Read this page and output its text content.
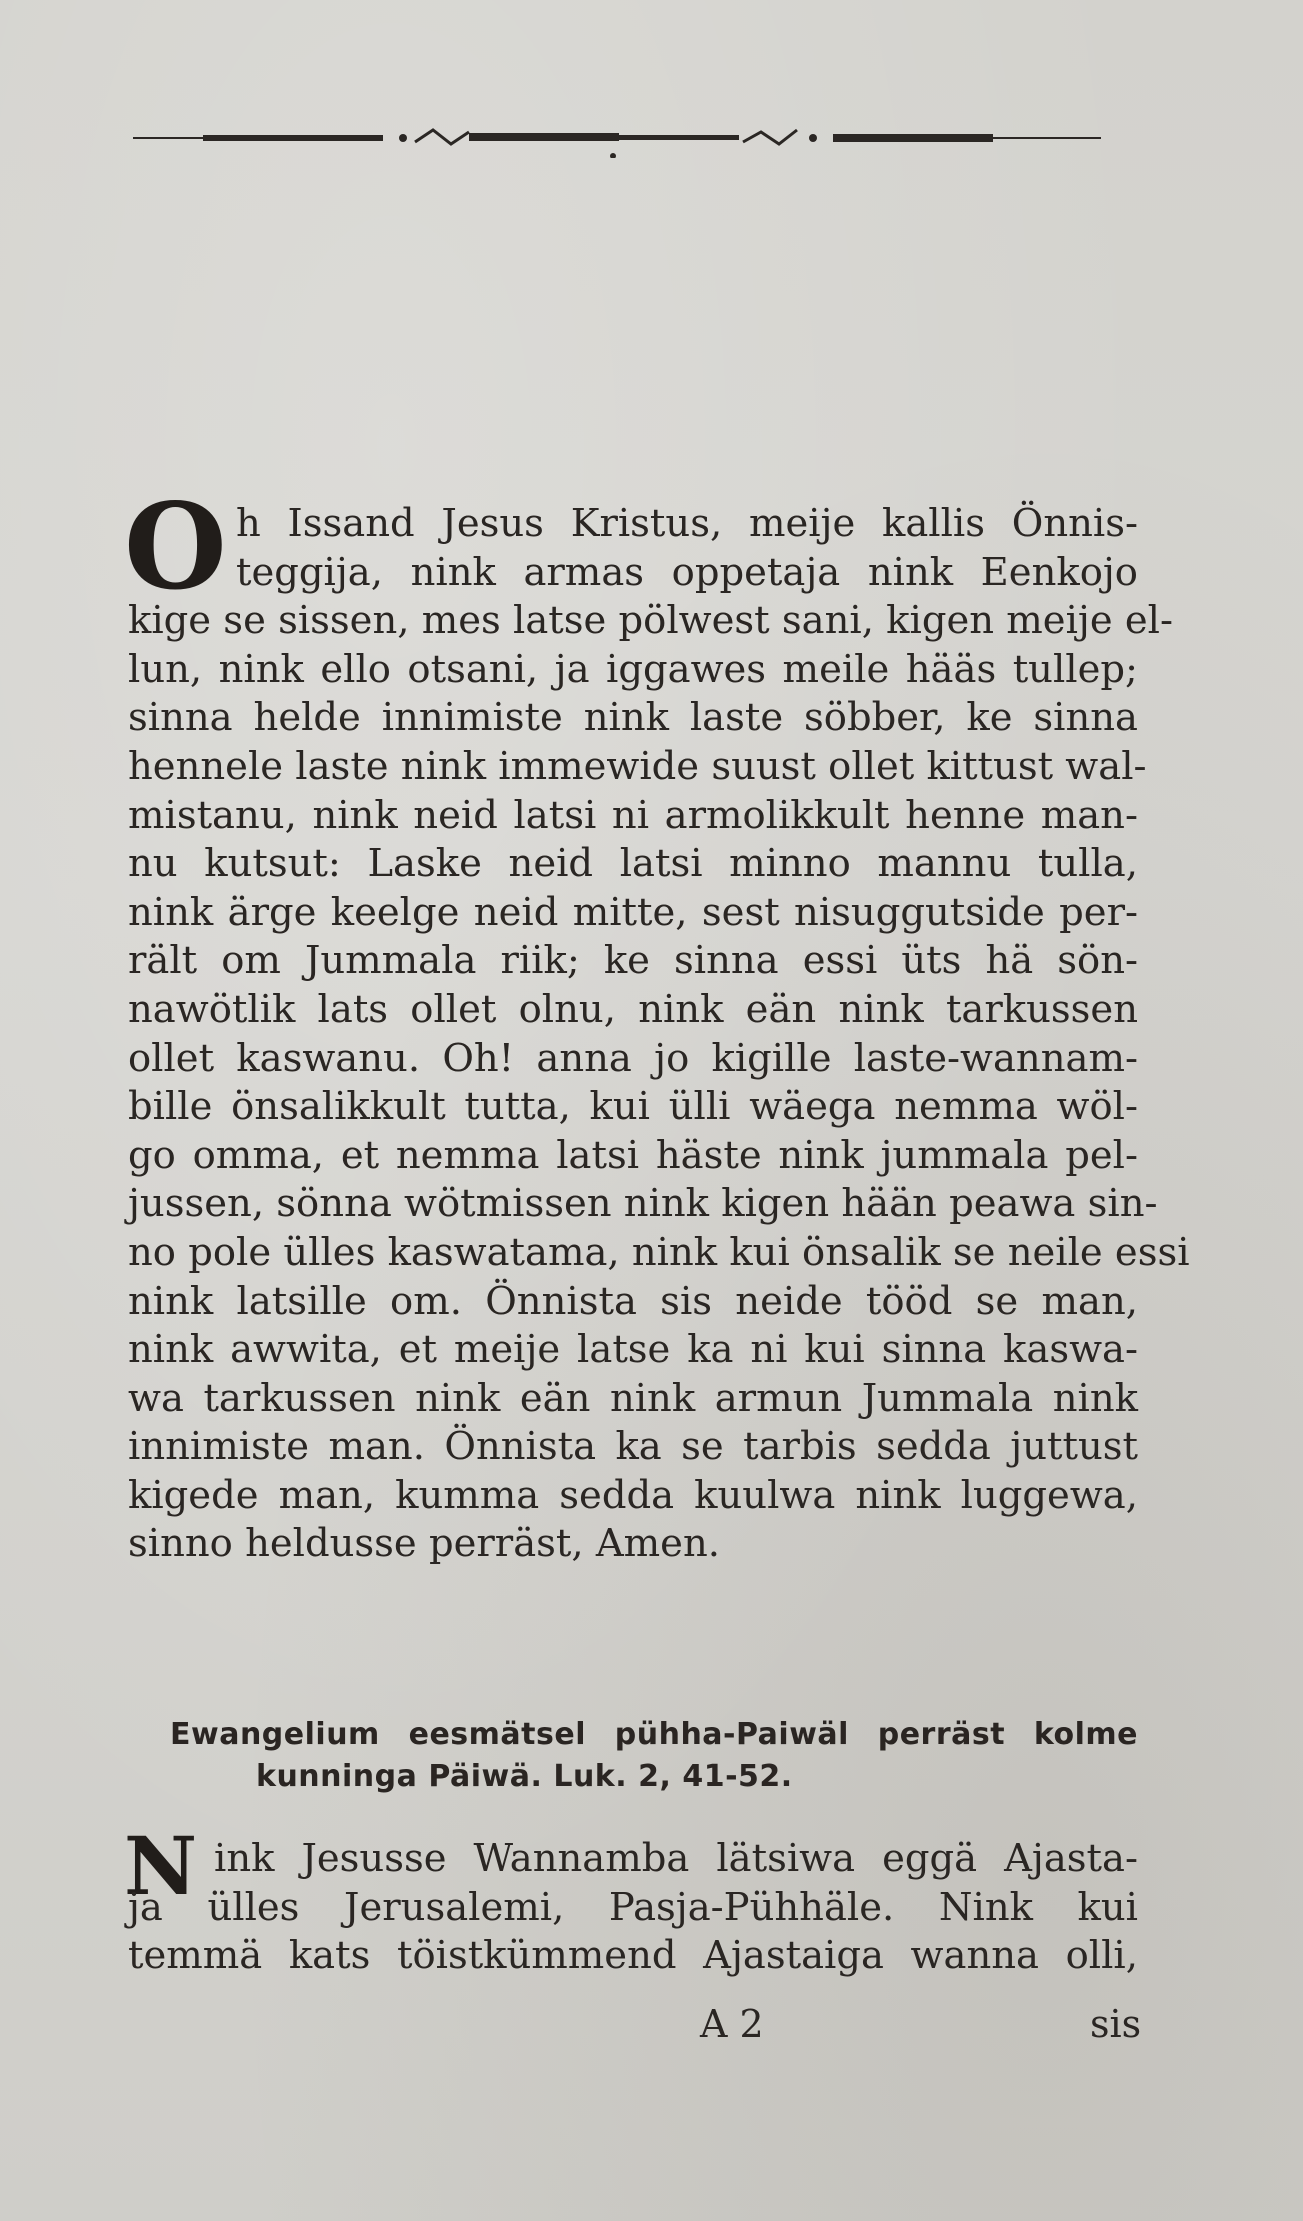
O h Issand Jesus Kristus, meije kallis Önnis-
teggija, nink armas oppetaja nink Eenkojo
kige se sissen, mes latse pölwest sani, kigen meije el-
lun, nink ello otsani, ja iggawes meile hääs tullep;
sinna helde innimiste nink laste söbber, ke sinna
hennele laste nink immewide suust ollet kittust wal-
mistanu, nink neid latsi ni armolikkult henne man-
nu kutsut: Laske neid latsi minno mannu tulla,
nink ärge keelge neid mitte, sest nisuggutside per-
rält om Jummala riik; ke sinna essi üts hä sön-
nawötlik lats ollet olnu, nink eän nink tarkussen
ollet kaswanu. Oh! anna jo kigille laste-wannam-
bille önsalikkult tutta, kui ülli wäega nemma wöl-
go omma, et nemma latsi häste nink jummala pel-
jussen, sönna wötmissen nink kigen hään peawa sin-
no pole ülles kaswatama, nink kui önsalik se neile essi
nink latsille om. Önnista sis neide tööd se man,
nink awwita, et meije latse ka ni kui sinna kaswa-
wa tarkussen nink eän nink armun Jummala nink
innimiste man. Önnista ka se tarbis sedda juttust
kigede man, kumma sedda kuulwa nink luggewa,
sinno heldusse perräst, Amen.
Ewangelium eesmätsel pühha-Paiwäl perräst kolme
kunninga Päiwä. Luk. 2, 41-52.
N ink Jesusse Wannamba lätsiwa eggä Ajasta-
ja ülles Jerusalemi, Pasja-Pühhäle. Nink kui
temmä kats töistkümmend Ajastaiga wanna olli,
A 2	sis
